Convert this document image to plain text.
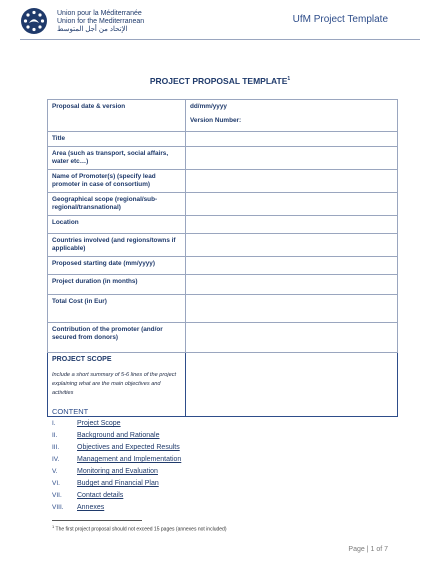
Union pour la Méditerranée
Union for the Mediterranean
الإتحاد من أجل المتوسط
UfM Project Template
PROJECT PROPOSAL TEMPLATE$^1$
Proposal date & version	dd/mm/yyyy
Version Number:

Title	
Area (such as transport, social affairs, water etc…)	
Name of Promoter(s) (specify lead promoter in case of consortium)	
Geographical scope (regional/sub-regional/transnational)	
Location	
Countries involved (and regions/towns if applicable)	
Proposed starting date (mm/yyyy)	
Project duration (in months)	
Total Cost (in Eur)	
Contribution of the promoter (and/or secured from donors)	

PROJECT SCOPE
Include a short summary of 5-6 lines of the project explaining what are the main objectives and activities	

CONTENT
I.	Project Scope
II.	Background and Rationale
III.	Objectives and Expected Results
IV.	Management and Implementation
V.	Monitoring and Evaluation
VI. Budget and Financial Plan
VII. Contact details
VIII. Annexes
$^1$ The first project proposal should not exceed 15 pages (annexes not included)
Page | 1 of 7
